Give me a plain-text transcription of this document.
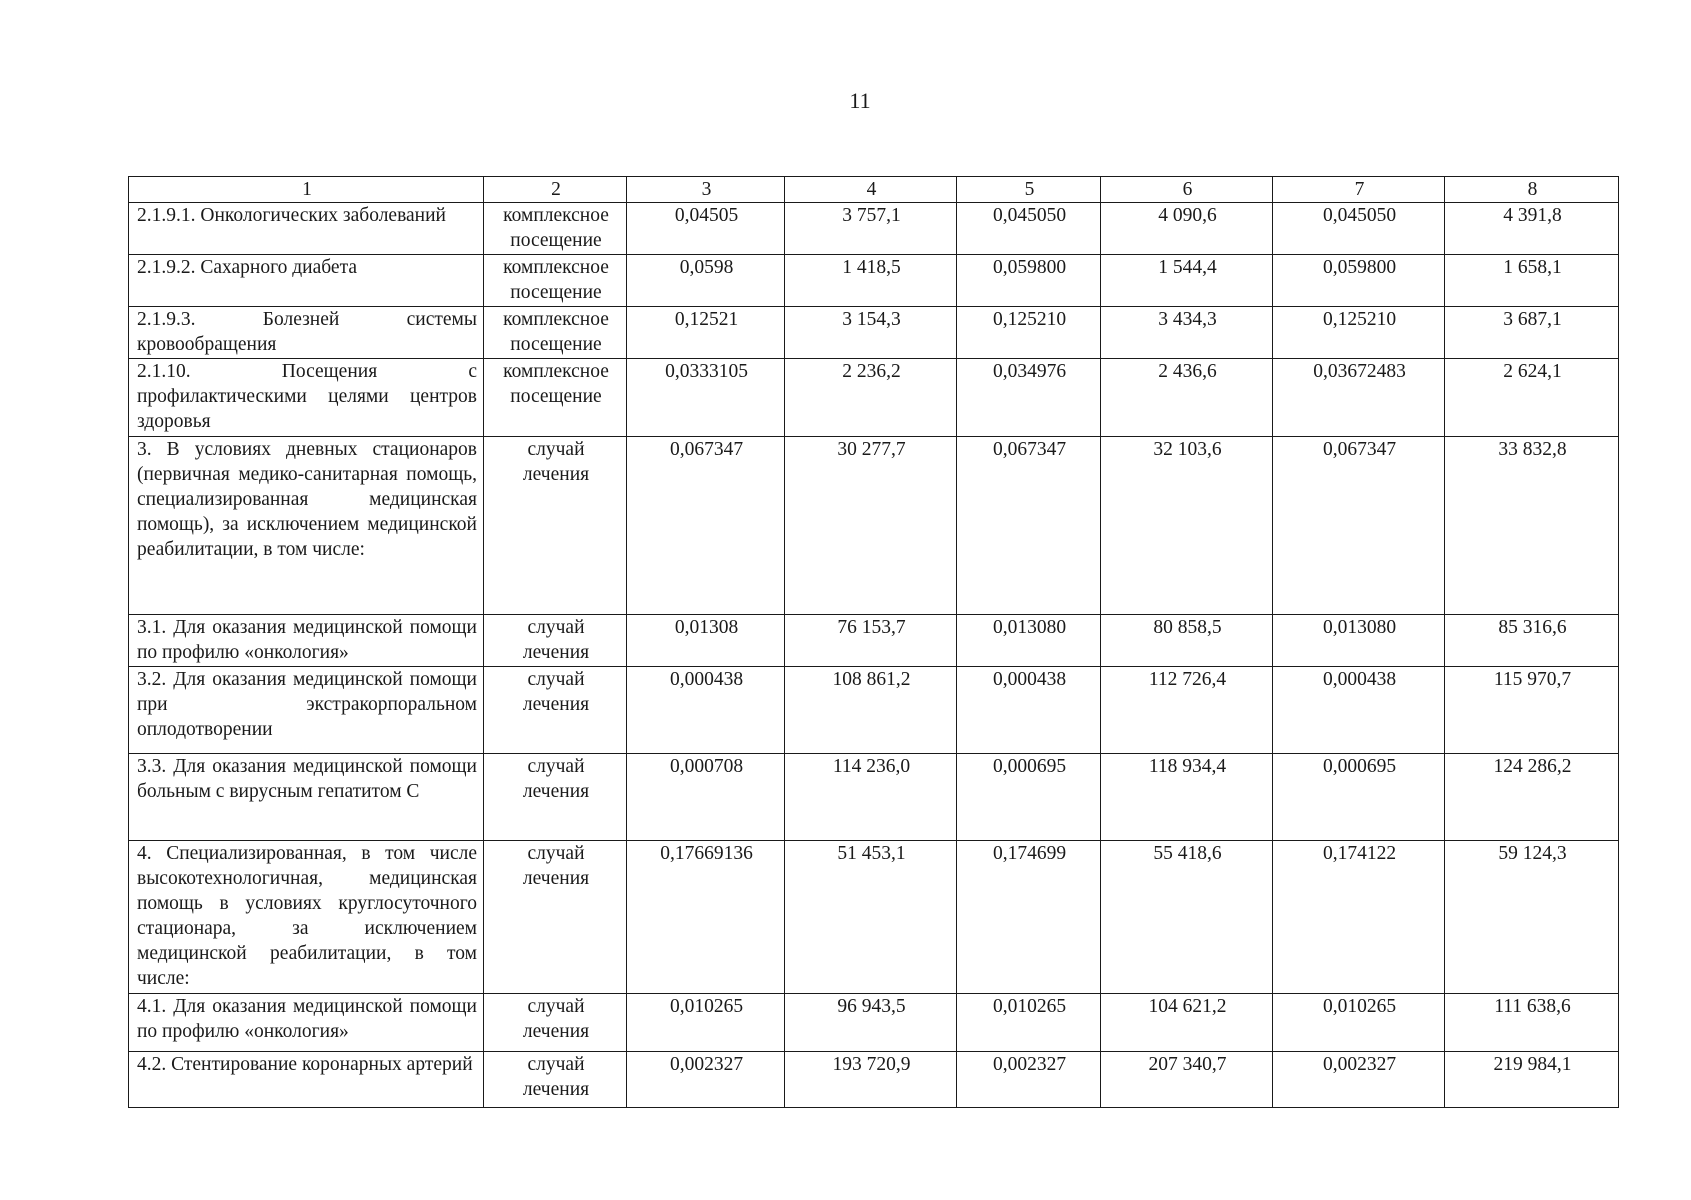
11
1	2	3	4	5	6	7	8
2.1.9.1. Онкологических заболеваний	комплексное посещение	0,04505	3 757,1	0,045050	4 090,6	0,045050	4 391,8
2.1.9.2. Сахарного диабета	комплексное посещение	0,0598	1 418,5	0,059800	1 544,4	0,059800	1 658,1
2.1.9.3. Болезней системы кровообращения	комплексное посещение	0,12521	3 154,3	0,125210	3 434,3	0,125210	3 687,1
2.1.10. Посещения с профилактическими целями центров здоровья	комплексное посещение	0,0333105	2 236,2	0,034976	2 436,6	0,03672483	2 624,1
3. В условиях дневных стационаров (первичная медико-санитарная помощь, специализированная медицинская помощь), за исключением медицинской реабилитации, в том числе:	случай лечения	0,067347	30 277,7	0,067347	32 103,6	0,067347	33 832,8
3.1. Для оказания медицинской помощи по профилю «онкология»	случай лечения	0,01308	76 153,7	0,013080	80 858,5	0,013080	85 316,6
3.2. Для оказания медицинской помощи при экстракорпоральном оплодотворении	случай лечения	0,000438	108 861,2	0,000438	112 726,4	0,000438	115 970,7
3.3. Для оказания медицинской помощи больным с вирусным гепатитом С	случай лечения	0,000708	114 236,0	0,000695	118 934,4	0,000695	124 286,2
4. Специализированная, в том числе высокотехнологичная, медицинская помощь в условиях круглосуточного стационара, за исключением медицинской реабилитации, в том числе:	случай лечения	0,17669136	51 453,1	0,174699	55 418,6	0,174122	59 124,3
4.1. Для оказания медицинской помощи по профилю «онкология»	случай лечения	0,010265	96 943,5	0,010265	104 621,2	0,010265	111 638,6
4.2. Стентирование коронарных артерий	случай лечения	0,002327	193 720,9	0,002327	207 340,7	0,002327	219 984,1
